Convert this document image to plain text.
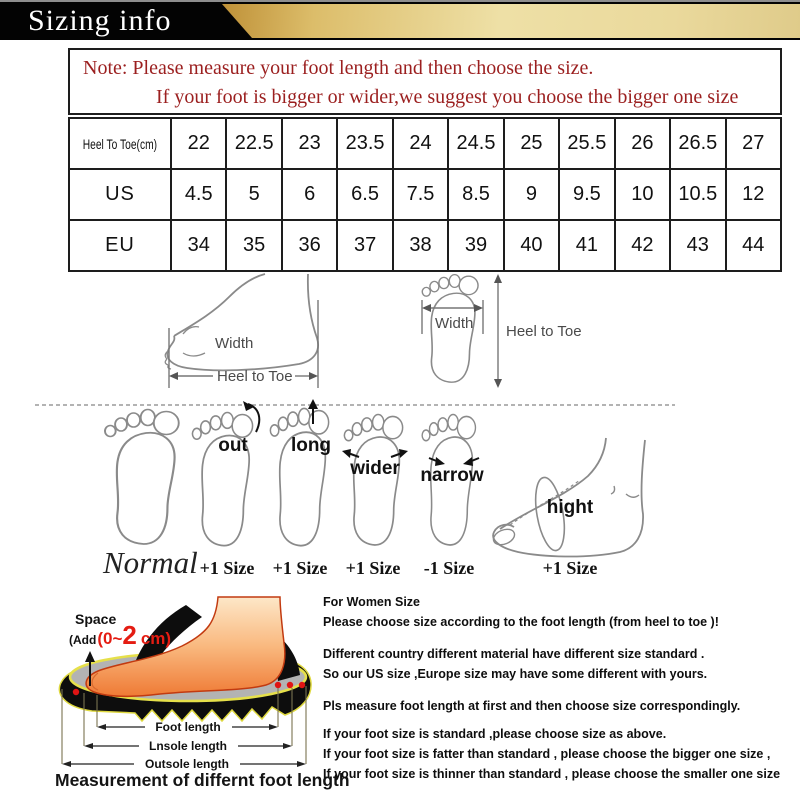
Sizing info
Note: Please measure your foot length and then choose the size.
If your foot is bigger or wider,we suggest you choose the bigger one size
Heel To Toe(cm)	22	22.5	23	23.5	24	24.5	25	25.5	26	26.5	27
US	4.5	5	6	6.5	7.5	8.5	9	9.5	10	10.5	12
EU	34	35	36	37	38	39	40	41	42	43	44
Width
Heel to Toe
Width Heel to Toe
out long
wider narrow
hight
Normal +1 Size +1 Size +1 Size -1 Size	+1 Size
Space
(Add(0~2 cm)
Foot length
Lnsole length
Outsole length
Measurement of differnt foot length
For Women Size
Please choose size according to the foot length (from heel to toe )!
Different country different material have different size standard .
So our US size ,Europe size may have some different with yours.
Pls measure foot length at first and then choose size correspondingly.
If your foot size is standard ,please choose size as above.
If your foot size is fatter than standard , please choose the bigger one size ,
If your foot size is thinner than standard , please choose the smaller one size
